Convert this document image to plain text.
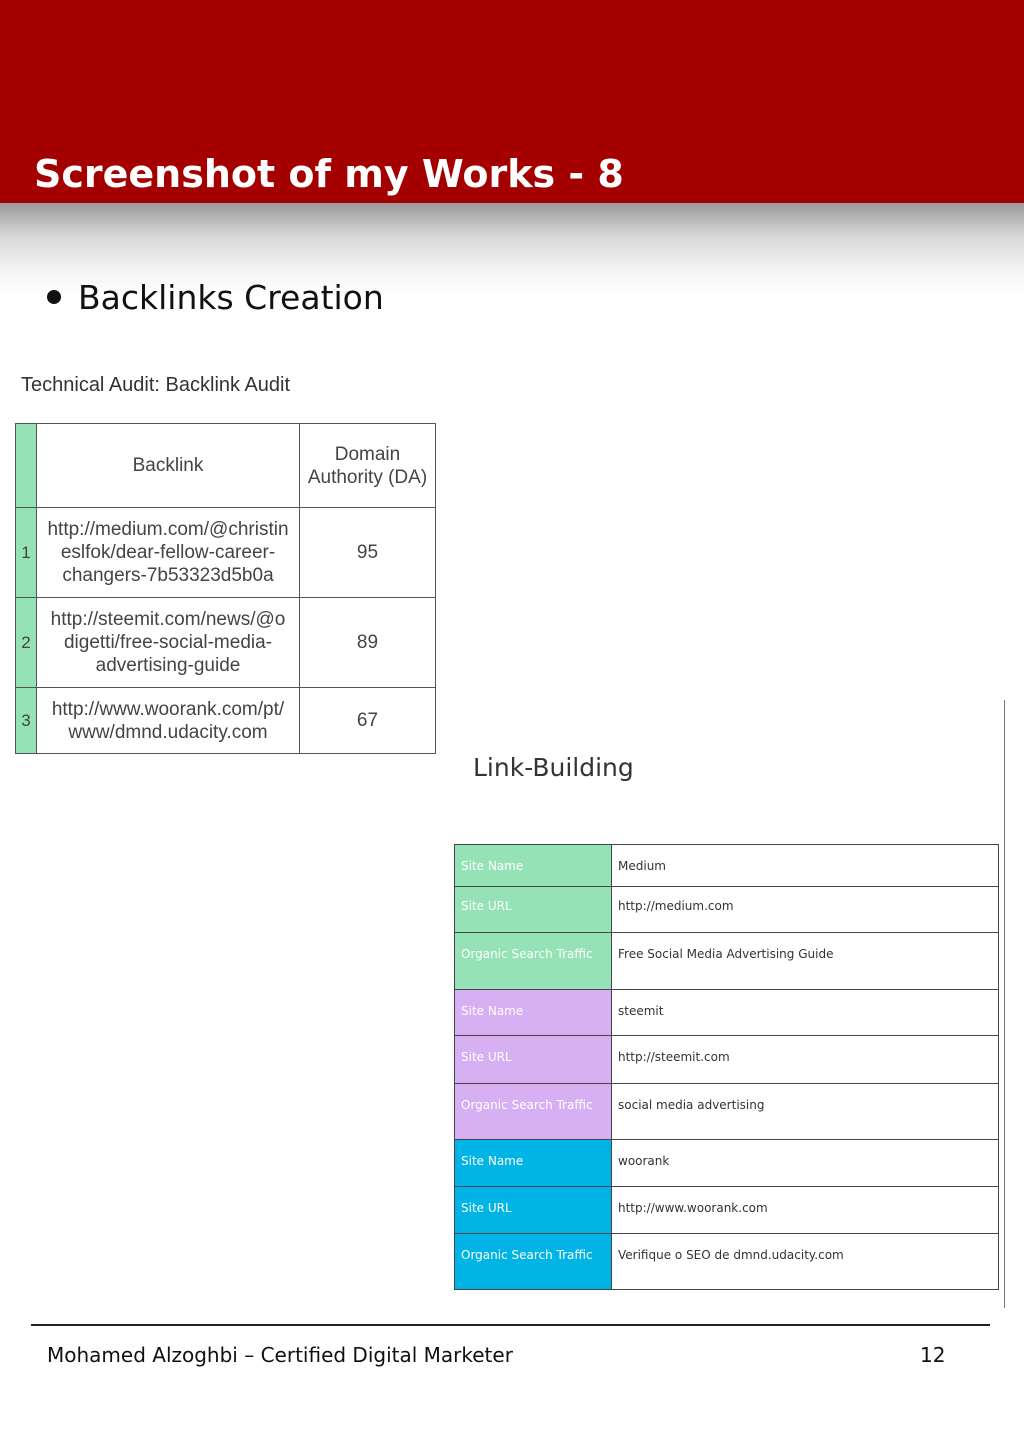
Screenshot of my Works - 8
Backlinks Creation

Technical Audit: Backlink Audit

	Backlink	Domain
Authority (DA)

1	http://medium.com/@christin
eslfok/dear-fellow-career-
changers-7b53323d5b0a	95
2	http://steemit.com/news/@o
digetti/free-social-media-
advertising-guide	89
3	http://www.woorank.com/pt/
www/dmnd.udacity.com	67

Link-Building

Site Name	Medium
Site URL	http://medium.com
Organic Search Traffic	Free Social Media Advertising Guide
Site Name	steemit
Site URL	http://steemit.com
Organic Search Traffic	social media advertising
Site Name	woorank
Site URL	http://www.woorank.com
Organic Search Traffic	Verifique o SEO de dmnd.udacity.com
Mohamed Alzoghbi – Certified Digital Marketer	12
